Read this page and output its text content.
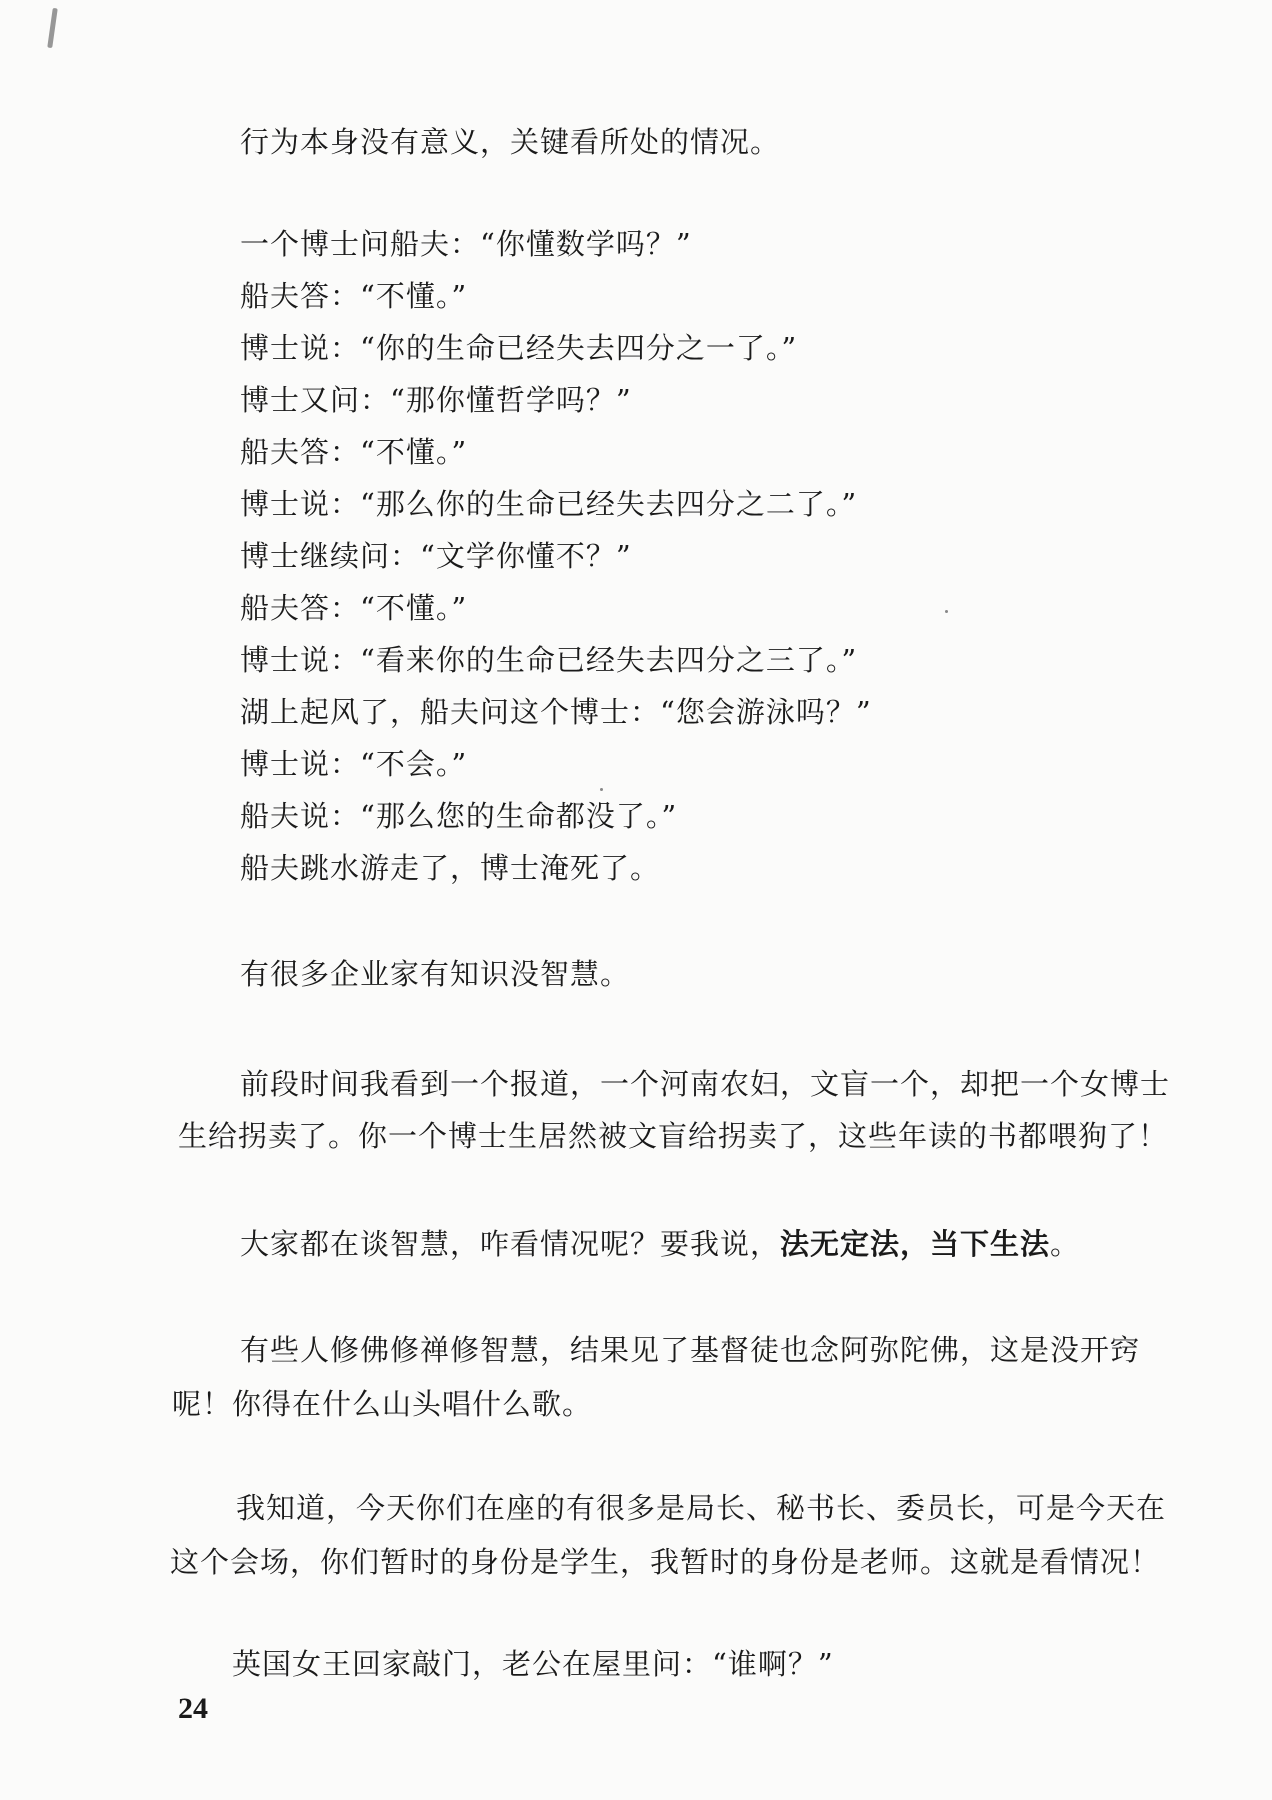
行为本身没有意义，关键看所处的情况。
一个博士问船夫：“你懂数学吗？”
船夫答：“不懂。”
博士说：“你的生命已经失去四分之一了。”
博士又问：“那你懂哲学吗？”
船夫答：“不懂。”
博士说：“那么你的生命已经失去四分之二了。”
博士继续问：“文学你懂不？”
船夫答：“不懂。”
博士说：“看来你的生命已经失去四分之三了。”
湖上起风了，船夫问这个博士：“您会游泳吗？”
博士说：“不会。”
船夫说：“那么您的生命都没了。”
船夫跳水游走了，博士淹死了。
有很多企业家有知识没智慧。
前段时间我看到一个报道，一个河南农妇，文盲一个，却把一个女博士
生给拐卖了。你一个博士生居然被文盲给拐卖了，这些年读的书都喂狗了！
大家都在谈智慧，咋看情况呢？要我说，法无定法，当下生法。
有些人修佛修禅修智慧，结果见了基督徒也念阿弥陀佛，这是没开窍
呢！你得在什么山头唱什么歌。
我知道，今天你们在座的有很多是局长、秘书长、委员长，可是今天在
这个会场，你们暂时的身份是学生，我暂时的身份是老师。这就是看情况！
英国女王回家敲门，老公在屋里问：“谁啊？”
24
